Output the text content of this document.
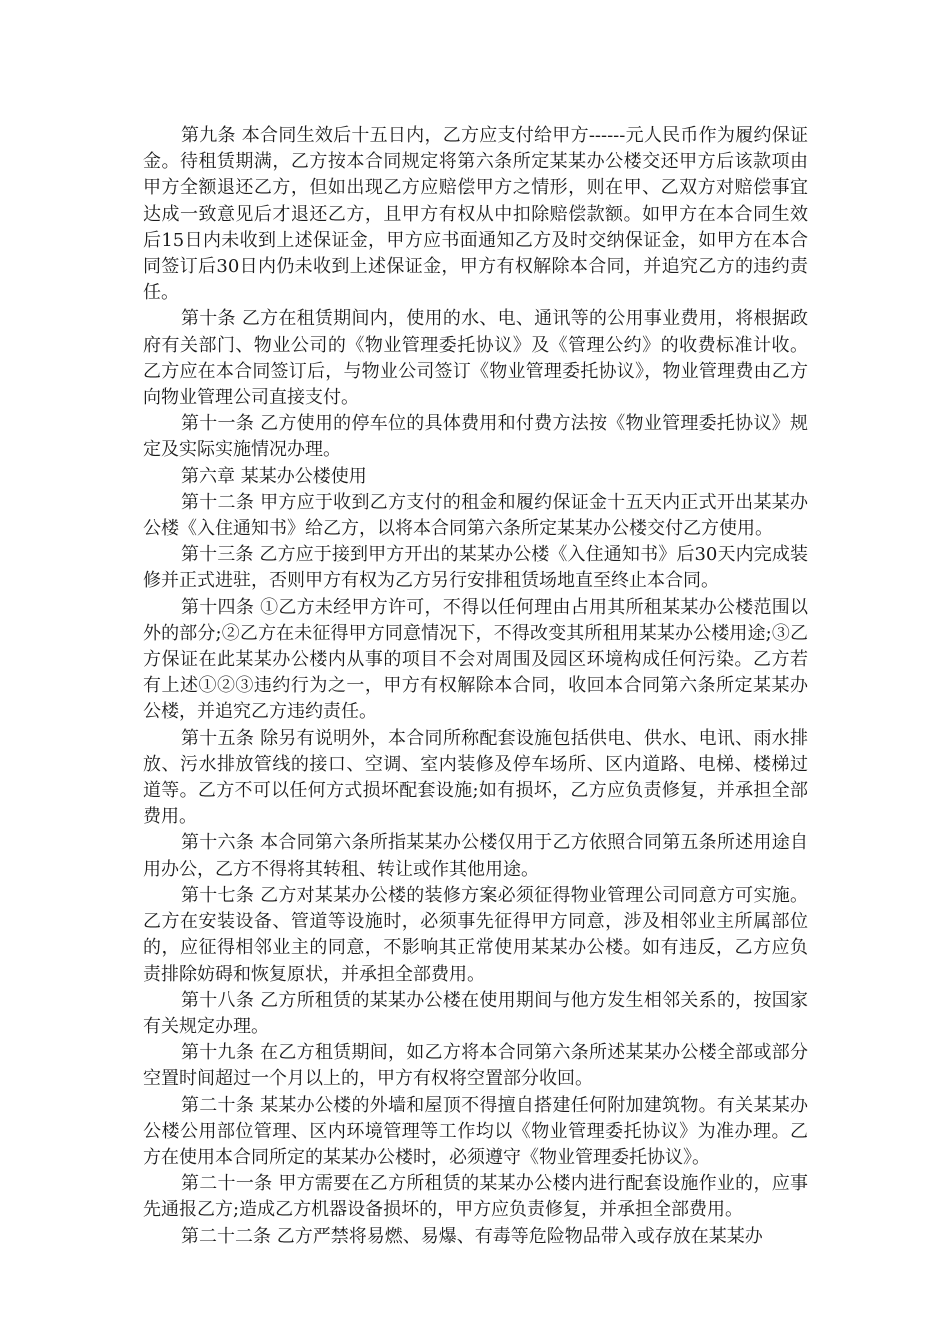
第九条 本合同生效后十五日内，乙方应支付给甲方------元人民币作为履约保证金。待租赁期满，乙方按本合同规定将第六条所定某某办公楼交还甲方后该款项由甲方全额退还乙方，但如出现乙方应赔偿甲方之情形，则在甲、乙双方对赔偿事宜达成一致意见后才退还乙方，且甲方有权从中扣除赔偿款额。如甲方在本合同生效后15日内未收到上述保证金，甲方应书面通知乙方及时交纳保证金，如甲方在本合同签订后30日内仍未收到上述保证金，甲方有权解除本合同，并追究乙方的违约责任。

第十条 乙方在租赁期间内，使用的水、电、通讯等的公用事业费用，将根据政府有关部门、物业公司的《物业管理委托协议》及《管理公约》的收费标准计收。乙方应在本合同签订后，与物业公司签订《物业管理委托协议》，物业管理费由乙方向物业管理公司直接支付。

第十一条 乙方使用的停车位的具体费用和付费方法按《物业管理委托协议》规定及实际实施情况办理。

第六章 某某办公楼使用

第十二条 甲方应于收到乙方支付的租金和履约保证金十五天内正式开出某某办公楼《入住通知书》给乙方，以将本合同第六条所定某某办公楼交付乙方使用。

第十三条 乙方应于接到甲方开出的某某办公楼《入住通知书》后30天内完成装修并正式进驻，否则甲方有权为乙方另行安排租赁场地直至终止本合同。

第十四条 ①乙方未经甲方许可，不得以任何理由占用其所租某某办公楼范围以外的部分;②乙方在未征得甲方同意情况下，不得改变其所租用某某办公楼用途;③乙方保证在此某某办公楼内从事的项目不会对周围及园区环境构成任何污染。乙方若有上述①②③违约行为之一，甲方有权解除本合同，收回本合同第六条所定某某办公楼，并追究乙方违约责任。

第十五条 除另有说明外，本合同所称配套设施包括供电、供水、电讯、雨水排放、污水排放管线的接口、空调、室内装修及停车场所、区内道路、电梯、楼梯过道等。乙方不可以任何方式损坏配套设施;如有损坏，乙方应负责修复，并承担全部费用。

第十六条 本合同第六条所指某某办公楼仅用于乙方依照合同第五条所述用途自用办公，乙方不得将其转租、转让或作其他用途。

第十七条 乙方对某某办公楼的装修方案必须征得物业管理公司同意方可实施。乙方在安装设备、管道等设施时，必须事先征得甲方同意，涉及相邻业主所属部位的，应征得相邻业主的同意，不影响其正常使用某某办公楼。如有违反，乙方应负责排除妨碍和恢复原状，并承担全部费用。

第十八条 乙方所租赁的某某办公楼在使用期间与他方发生相邻关系的，按国家有关规定办理。

第十九条 在乙方租赁期间，如乙方将本合同第六条所述某某办公楼全部或部分空置时间超过一个月以上的，甲方有权将空置部分收回。

第二十条 某某办公楼的外墙和屋顶不得擅自搭建任何附加建筑物。有关某某办公楼公用部位管理、区内环境管理等工作均以《物业管理委托协议》为准办理。乙方在使用本合同所定的某某办公楼时，必须遵守《物业管理委托协议》。

第二十一条 甲方需要在乙方所租赁的某某办公楼内进行配套设施作业的，应事先通报乙方;造成乙方机器设备损坏的，甲方应负责修复，并承担全部费用。

第二十二条 乙方严禁将易燃、易爆、有毒等危险物品带入或存放在某某办
